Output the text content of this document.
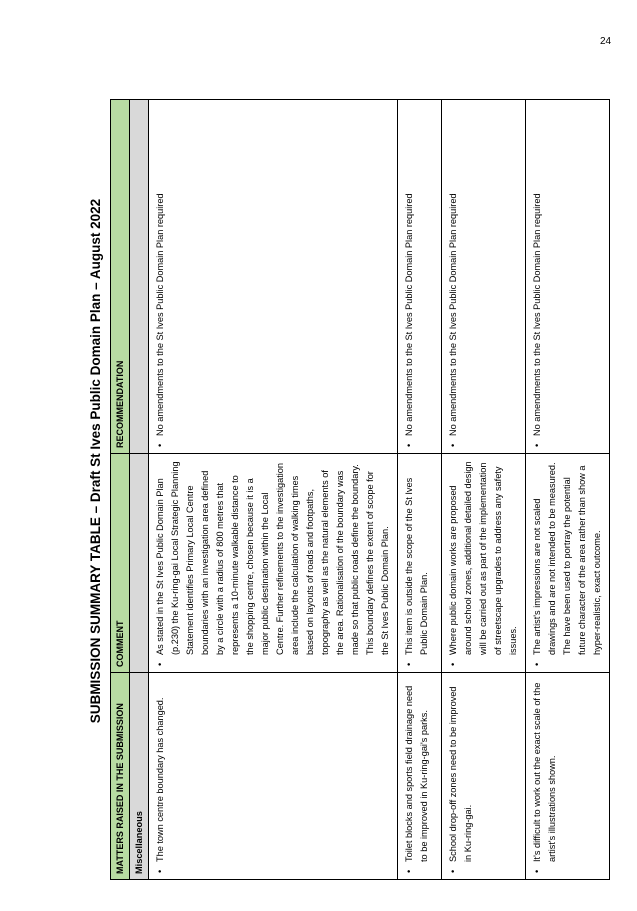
24
SUBMISSION SUMMARY TABLE – Draft St Ives Public Domain Plan – August 2022
MATTERS RAISED IN THE SUBMISSION	COMMENT	RECOMMENDATION
Miscellaneous		

•
The town centre boundary has changed.	•
As stated in the St Ives Public Domain Plan (p.230) the Ku-ring-gai Local Strategic Planning Statement identifies Primary Local Centre boundaries with an investigation area defined by a circle with a radius of 800 metres that represents a 10-minute walkable distance to the shopping centre, chosen because it is a major public destination within the Local Centre. Further refinements to the investigation area include the calculation of walking times based on layouts of roads and footpaths, topography as well as the natural elements of the area. Rationalisation of the boundary was made so that public roads define the boundary. This boundary defines the extent of scope for the St Ives Public Domain Plan.	•
No amendments to the St Ives Public Domain Plan required

•
Toilet blocks and sports field drainage need to be improved in Ku-ring-gai's parks.	•
This item is outside the scope of the St Ives Public Domain Plan.	•
No amendments to the St Ives Public Domain Plan required

•
School drop-off zones need to be improved in Ku-ring-gai.	•
Where public domain works are proposed around school zones, additional detailed design will be carried out as part of the implementation of streetscape upgrades to address any safety issues.	•
No amendments to the St Ives Public Domain Plan required

•
It's difficult to work out the exact scale of the artist's illustrations shown.	•
The artist's impressions are not scaled drawings and are not intended to be measured. The have been used to portray the potential future character of the area rather than show a hyper-realistic, exact outcome.	•
No amendments to the St Ives Public Domain Plan required
